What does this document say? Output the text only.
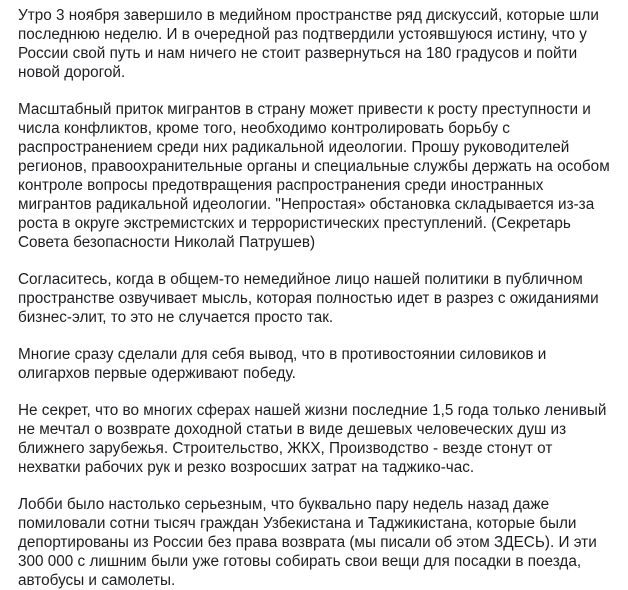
Утро 3 ноября завершило в медийном пространстве ряд дискуссий, которые шли последнюю неделю. И в очередной раз подтвердили устоявшуюся истину, что у России свой путь и нам ничего не стоит развернуться на 180 градусов и пойти новой дорогой.

Масштабный приток мигрантов в страну может привести к росту преступности и числа конфликтов, кроме того, необходимо контролировать борьбу с распространением среди них радикальной идеологии. Прошу руководителей регионов, правоохранительные органы и специальные службы держать на особом контроле вопросы предотвращения распространения среди иностранных мигрантов радикальной идеологии. "Непростая» обстановка складывается из-за роста в округе экстремистских и террористических преступлений. (Секретарь Совета безопасности Николай Патрушев)

Согласитесь, когда в общем-то немедийное лицо нашей политики в публичном пространстве озвучивает мысль, которая полностью идет в разрез с ожиданиями бизнес-элит, то это не случается просто так.

Многие сразу сделали для себя вывод, что в противостоянии силовиков и олигархов первые одерживают победу.

Не секрет, что во многих сферах нашей жизни последние 1,5 года только ленивый не мечтал о возврате доходной статьи в виде дешевых человеческих душ из ближнего зарубежья. Строительство, ЖКХ, Производство - везде стонут от нехватки рабочих рук и резко возросших затрат на таджико-час.

Лобби было настолько серьезным, что буквально пару недель назад даже помиловали сотни тысяч граждан Узбекистана и Таджикистана, которые были депортированы из России без права возврата (мы писали об этом ЗДЕСЬ). И эти 300 000 с лишним были уже готовы собирать свои вещи для посадки в поезда, автобусы и самолеты.
